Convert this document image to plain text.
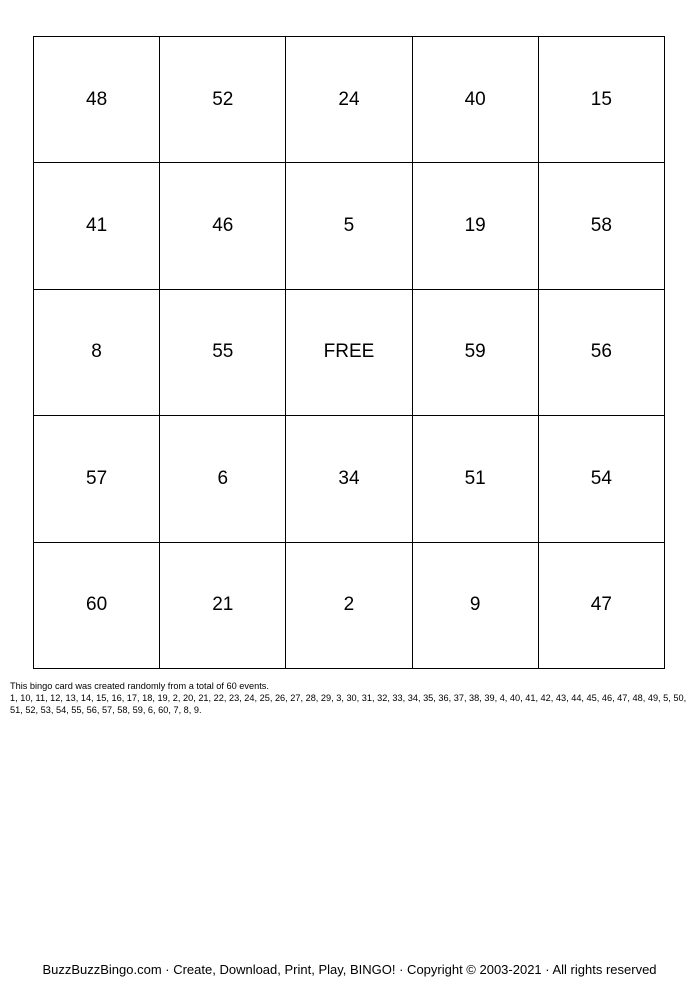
48	52	24	40	15
41	46	5	19	58
8	55	FREE	59	56
57	6	34	51	54
60	21	2	9	47

This bingo card was created randomly from a total of 60 events.

1, 10, 11, 12, 13, 14, 15, 16, 17, 18, 19, 2, 20, 21, 22, 23, 24, 25, 26, 27, 28, 29, 3, 30, 31, 32, 33, 34, 35, 36, 37, 38, 39, 4, 40, 41, 42, 43, 44, 45, 46, 47, 48, 49, 5, 50, 51, 52, 53, 54, 55, 56, 57, 58, 59, 6, 60, 7, 8, 9.

BuzzBuzzBingo.com · Create, Download, Print, Play, BINGO! · Copyright © 2003-2021 · All rights reserved
